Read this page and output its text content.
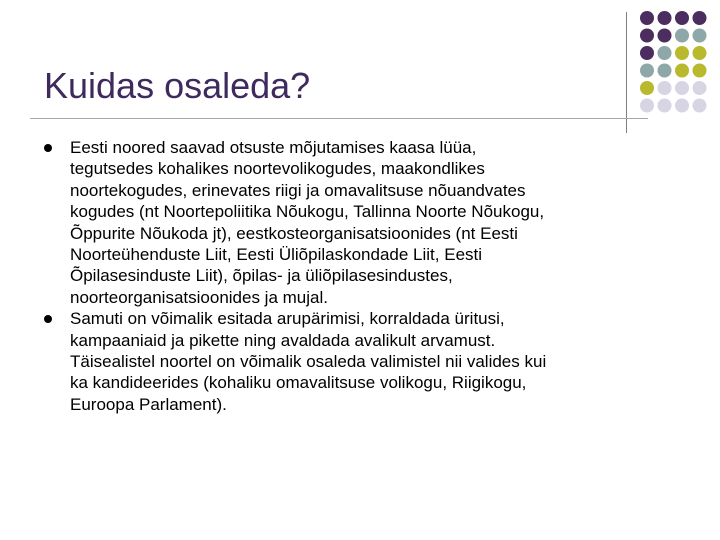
Kuidas osaleda?
Eesti noored saavad otsuste mõjutamises kaasa lüüa,
tegutsedes kohalikes noortevolikogudes, maakondlikes
noortekogudes, erinevates riigi ja omavalitsuse nõuandvates
kogudes (nt Noortepoliitika Nõukogu, Tallinna Noorte Nõukogu,
Õppurite Nõukoda jt), eestkosteorganisatsioonides (nt Eesti
Noorteühenduste Liit, Eesti Üliõpilaskondade Liit, Eesti
Õpilasesinduste Liit), õpilas- ja üliõpilasesindustes,
noorteorganisatsioonides ja mujal.
Samuti on võimalik esitada arupärimisi, korraldada üritusi,
kampaaniaid ja pikette ning avaldada avalikult arvamust.
Täisealistel noortel on võimalik osaleda valimistel nii valides kui
ka kandideerides (kohaliku omavalitsuse volikogu, Riigikogu,
Euroopa Parlament).
